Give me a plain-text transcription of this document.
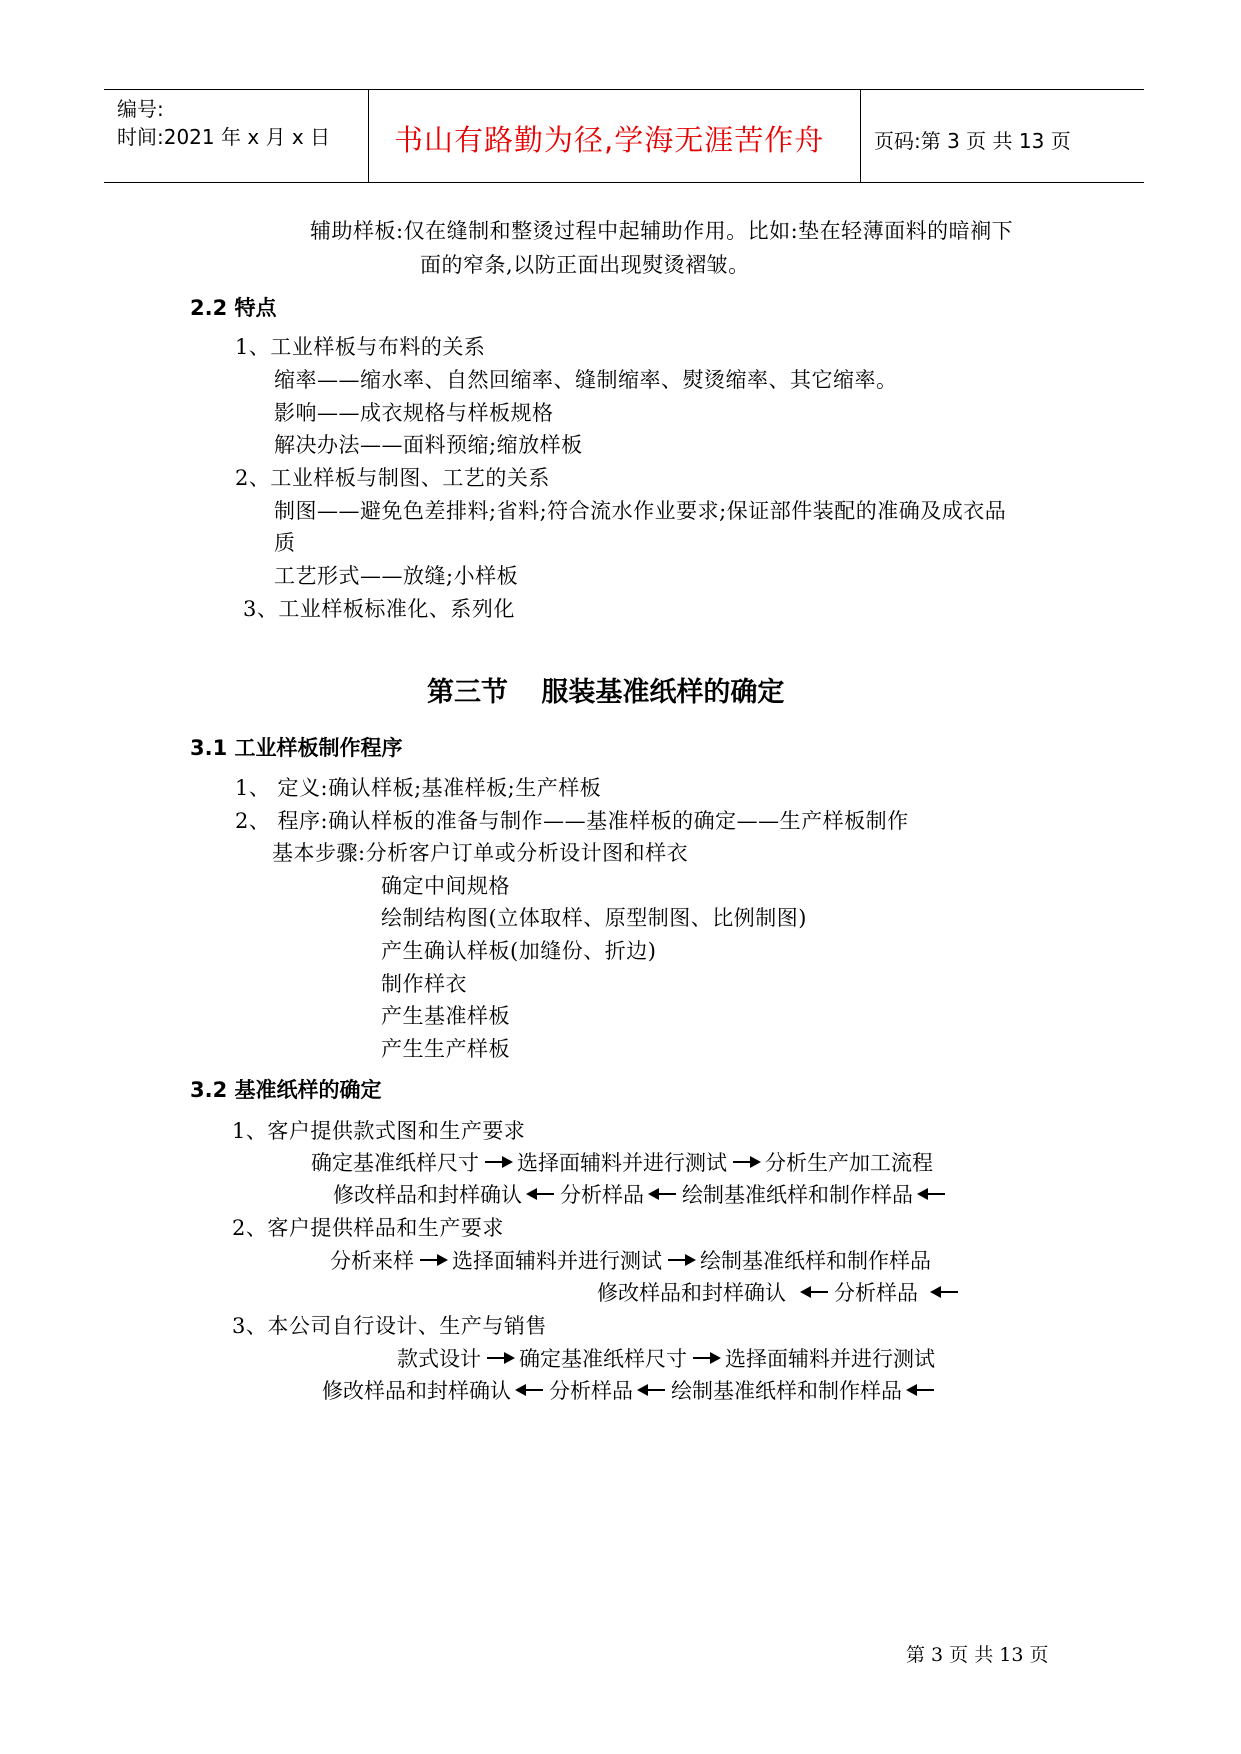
编号:
时间:2021 年 x 月 x 日 书山有路勤为径,学海无涯苦作舟 页码:第 3 页 共 13 页
辅助样板:仅在缝制和整烫过程中起辅助作用。比如:垫在轻薄面料的暗裥下
面的窄条,以防正面出现熨烫褶皱。
2.2 特点
1、工业样板与布料的关系
缩率——缩水率、自然回缩率、缝制缩率、熨烫缩率、其它缩率。
影响——成衣规格与样板规格
解决办法——面料预缩;缩放样板
2、工业样板与制图、工艺的关系
制图——避免色差排料;省料;符合流水作业要求;保证部件装配的准确及成衣品
质
工艺形式——放缝;小样板
3、工业样板标准化、系列化
第三节 服装基准纸样的确定
3.1 工业样板制作程序
1、 定义:确认样板;基准样板;生产样板
2、 程序:确认样板的准备与制作——基准样板的确定——生产样板制作
基本步骤:分析客户订单或分析设计图和样衣
确定中间规格
绘制结构图(立体取样、原型制图、比例制图)
产生确认样板(加缝份、折边)
制作样衣
产生基准样板
产生生产样板
3.2 基准纸样的确定
1、客户提供款式图和生产要求
确定基准纸样尺寸 选择面辅料并进行测试 分析生产加工流程
修改样品和封样确认 分析样品 绘制基准纸样和制作样品
2、客户提供样品和生产要求
分析来样 选择面辅料并进行测试 绘制基准纸样和制作样品
修改样品和封样确认 分析样品
3、本公司自行设计、生产与销售
款式设计 确定基准纸样尺寸 选择面辅料并进行测试
修改样品和封样确认 分析样品 绘制基准纸样和制作样品
第 3 页 共 13 页
